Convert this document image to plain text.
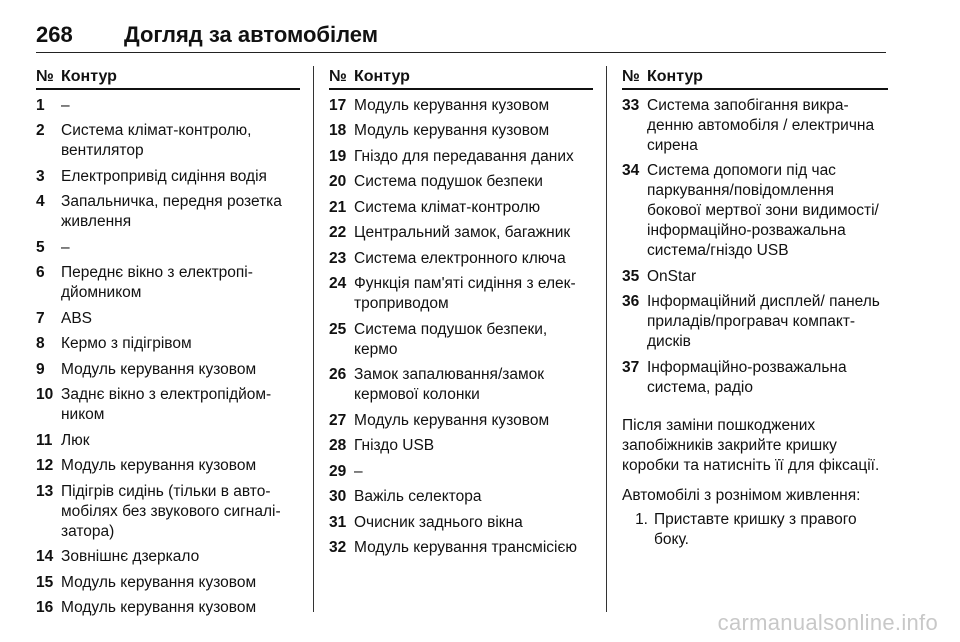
268 Догляд за автомобілем
№ Контур
1	–
2	Система клімат-контролю, вентилятор
3	Електропривід сидіння водія
4	Запальничка, передня розетка живлення
5	–
6	Переднє вікно з електропідйомником
7	ABS
8	Кермо з підігрівом
9	Модуль керування кузовом
10 Заднє вікно з електропідйомником
11 Люк
12 Модуль керування кузовом
13 Підігрів сидінь (тільки в автомобілях без звукового сигналізатора)
14 Зовнішнє дзеркало
15 Модуль керування кузовом
16 Модуль керування кузовом
№ Контур
17 Модуль керування кузовом
18 Модуль керування кузовом
19 Гніздо для передавання даних
20 Система подушок безпеки
21 Система клімат-контролю
22 Центральний замок, багажник
23 Система електронного ключа
24 Функція пам'яті сидіння з електроприводом
25 Система подушок безпеки, кермо
26 Замок запалювання/замок кермової колонки
27 Модуль керування кузовом
28 Гніздо USB
29 –
30 Важіль селектора
31 Очисник заднього вікна
32 Модуль керування трансмісією
№ Контур
33 Система запобігання викраденню автомобіля / електрична сирена
34 Система допомоги під час паркування/повідомлення бокової мертвої зони видимості/інформаційно-розважальна система/гніздо USB
35 OnStar
36 Інформаційний дисплей/ панель приладів/програвач компакт-дисків
37 Інформаційно-розважальна система, радіо
Після заміни пошкоджених запобіжників закрийте кришку коробки та натисніть її для фіксації.
Автомобілі з рознімом живлення:
1. Приставте кришку з правого боку.
carmanualsonline.info
